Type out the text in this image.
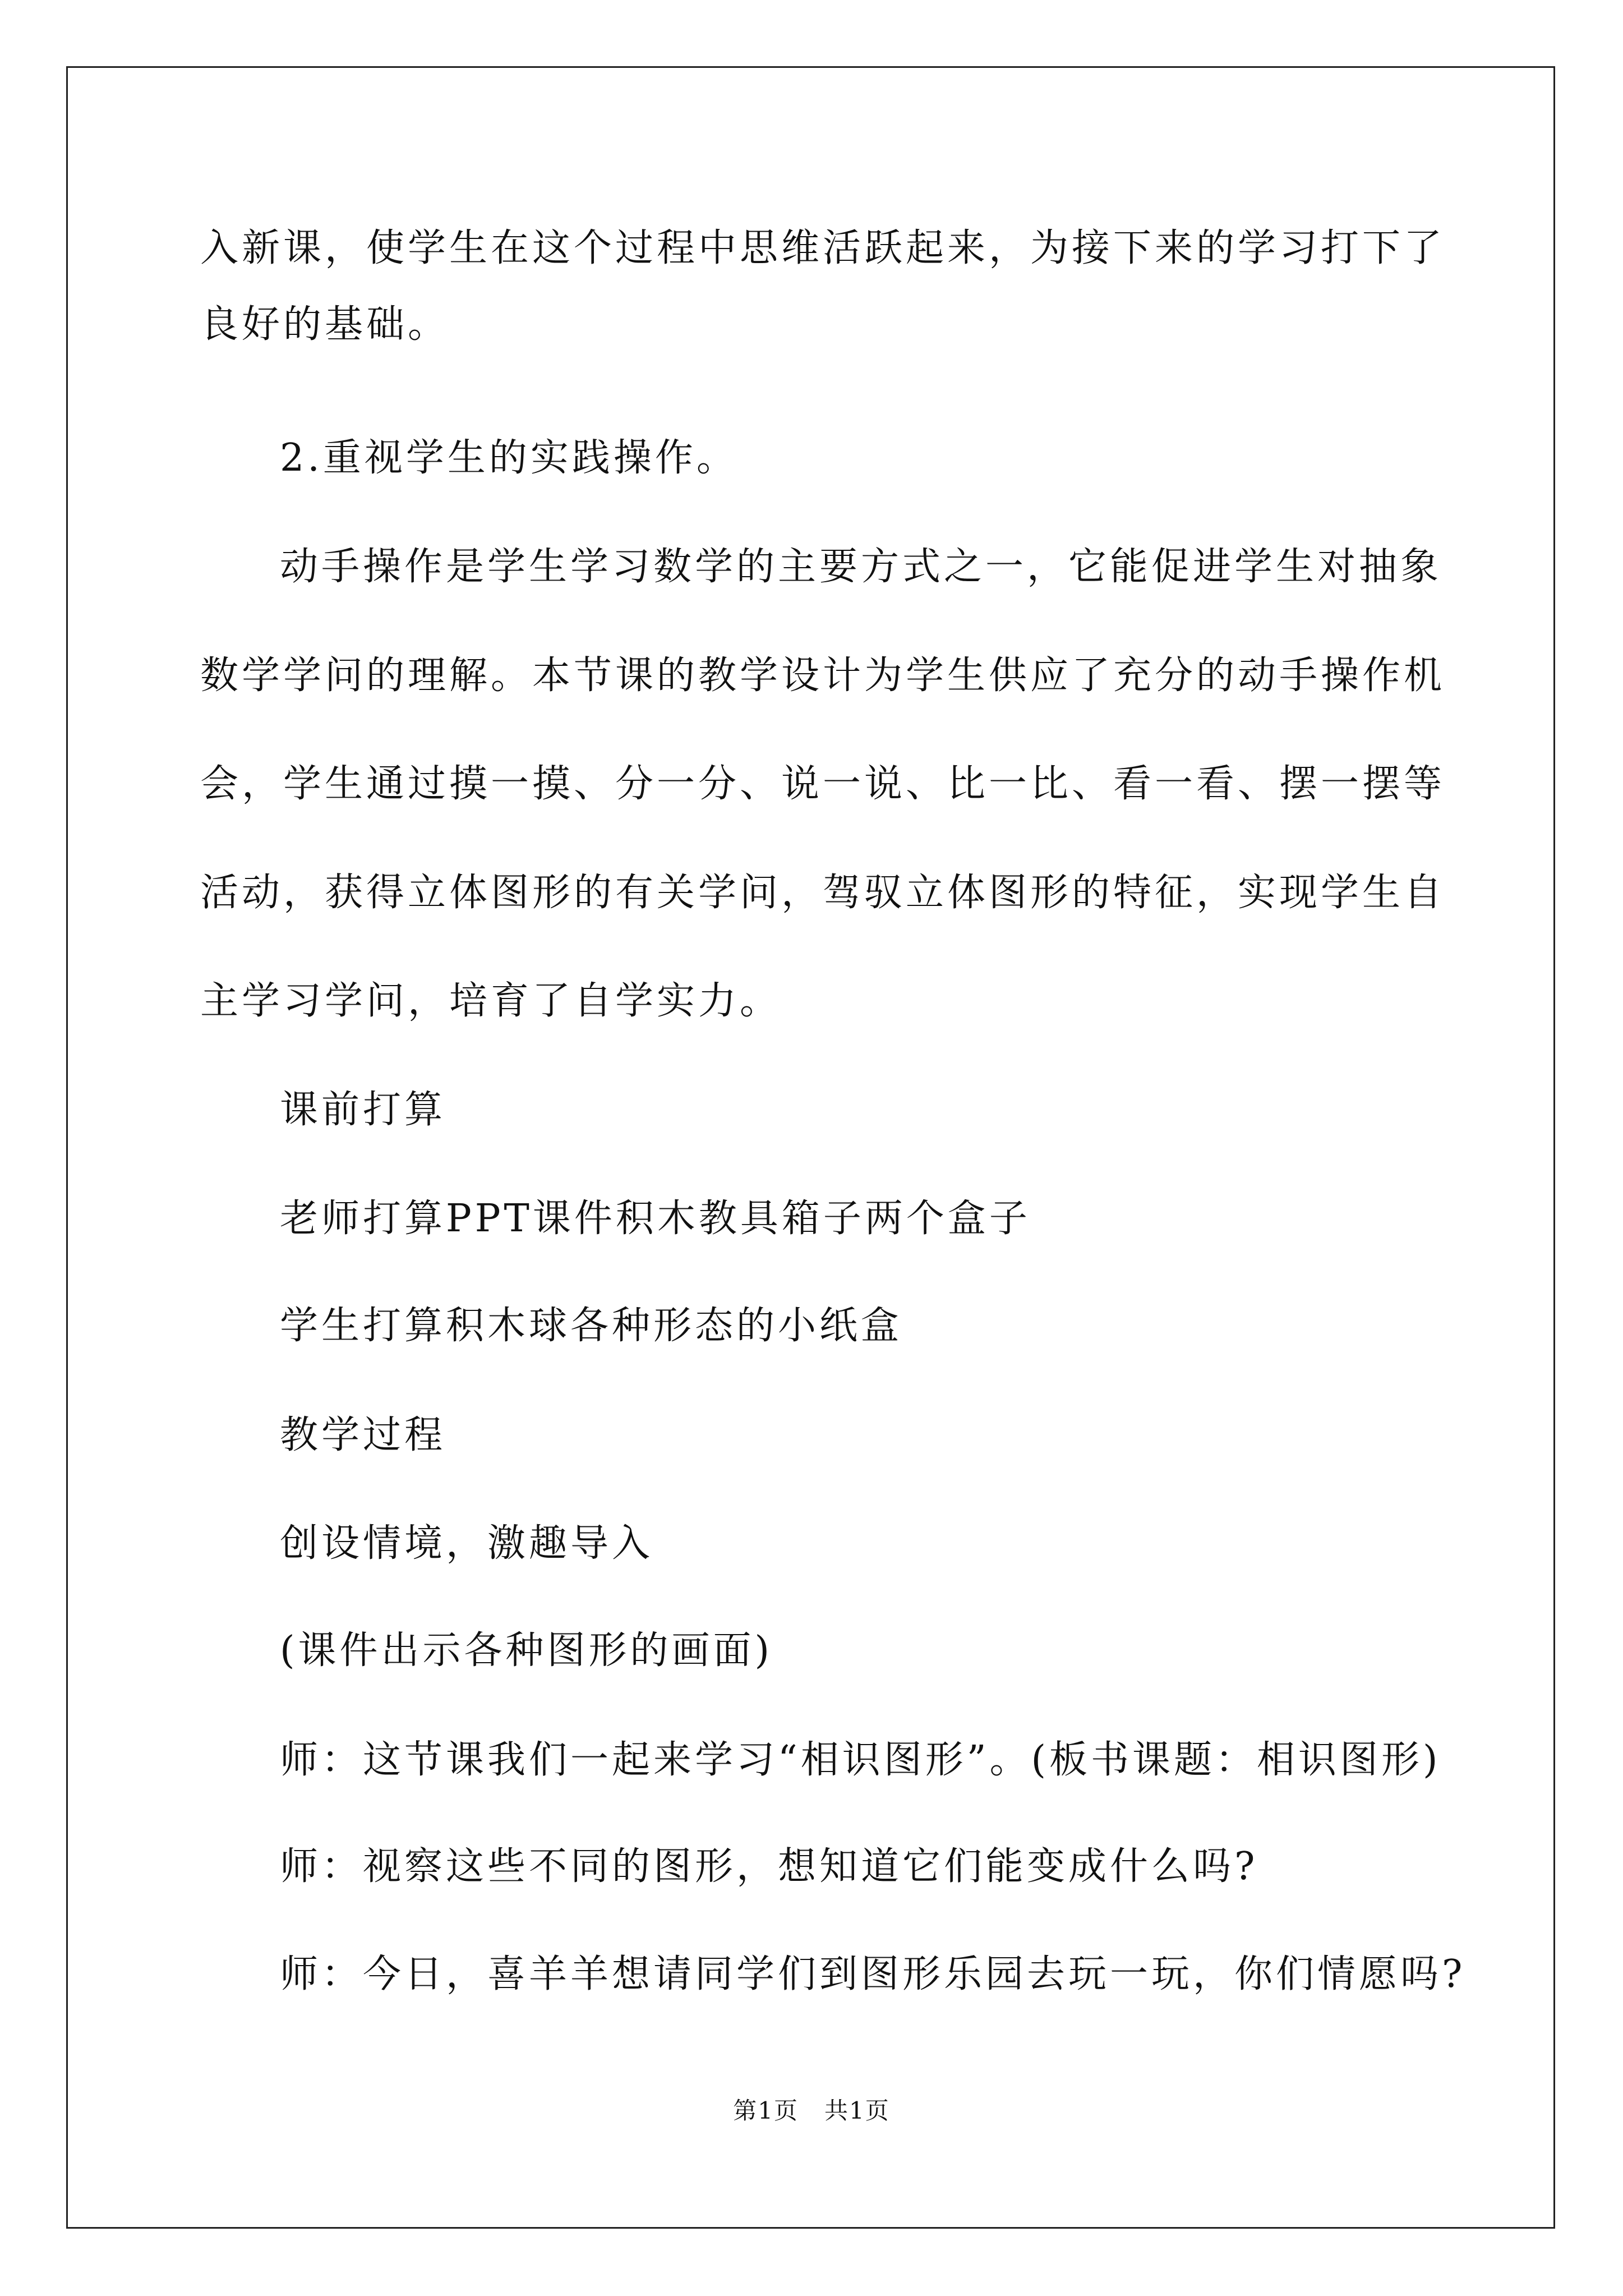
入新课，使学生在这个过程中思维活跃起来，为接下来的学习打下了
良好的基础。
2.重视学生的实践操作。
动手操作是学生学习数学的主要方式之一，它能促进学生对抽象
数学学问的理解。本节课的教学设计为学生供应了充分的动手操作机
会，学生通过摸一摸、分一分、说一说、比一比、看一看、摆一摆等
活动，获得立体图形的有关学问，驾驭立体图形的特征，实现学生自
主学习学问，培育了自学实力。
课前打算
老师打算PPT课件积木教具箱子两个盒子
学生打算积木球各种形态的小纸盒
教学过程
创设情境，激趣导入
(课件出示各种图形的画面)
师：这节课我们一起来学习“相识图形”。(板书课题：相识图形)
师：视察这些不同的图形，想知道它们能变成什么吗?
师：今日，喜羊羊想请同学们到图形乐园去玩一玩，你们情愿吗?
第1页   共1页
